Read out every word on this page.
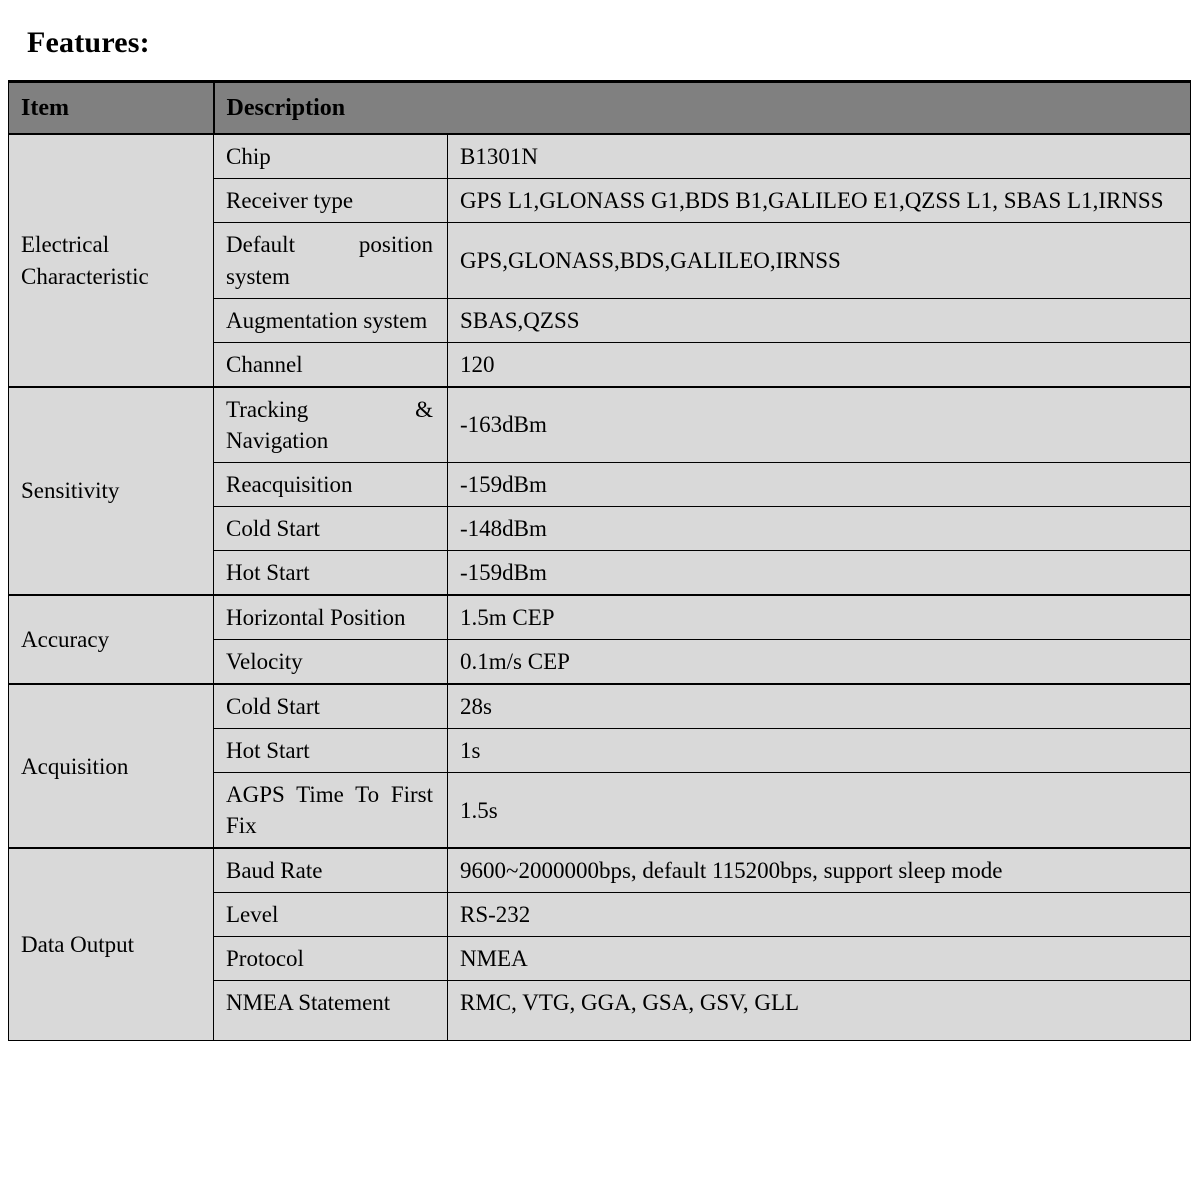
Features:
Item	Description	
Electrical Characteristic	Chip	B1301N
	Receiver type	GPS L1,GLONASS G1,BDS B1,GALILEO E1,QZSS L1, SBAS L1,IRNSS
	Default position system	GPS,GLONASS,BDS,GALILEO,IRNSS
	Augmentation system	SBAS,QZSS
	Channel	120
Sensitivity	Tracking & Navigation	-163dBm
	Reacquisition	-159dBm
	Cold Start	-148dBm
	Hot Start	-159dBm
Accuracy	Horizontal Position	1.5m CEP
	Velocity	0.1m/s CEP
Acquisition	Cold Start	28s
	Hot Start	1s
	AGPS Time To First Fix	1.5s
Data Output	Baud Rate	9600~2000000bps, default 115200bps, support sleep mode
	Level	RS-232
	Protocol	NMEA
	NMEA Statement	RMC, VTG, GGA, GSA, GSV, GLL
